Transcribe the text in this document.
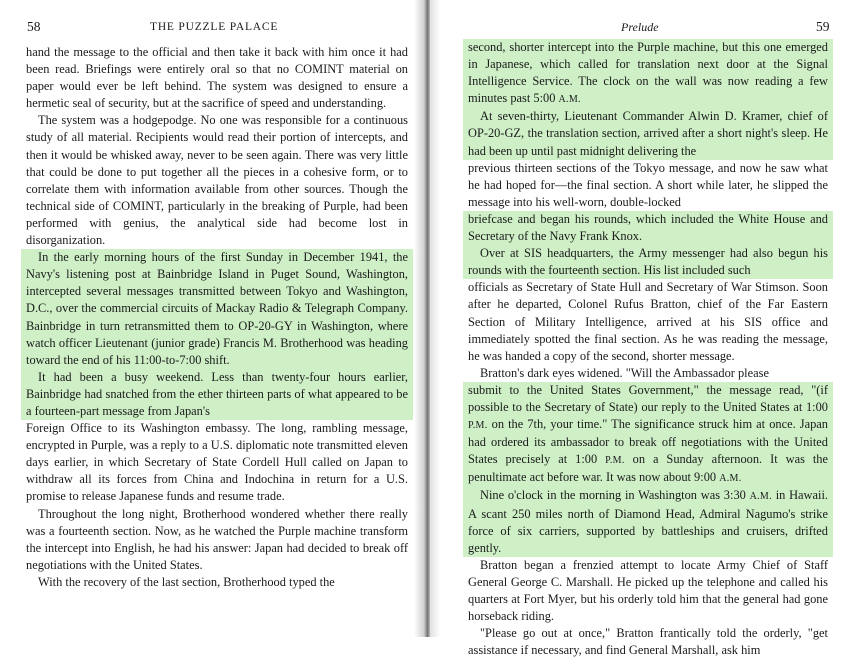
58	THE PUZZLE PALACE

hand the message to the official and then take it back with him once it had been read. Briefings were entirely oral so that no COMINT material on paper would ever be left behind. The system was designed to ensure a hermetic seal of security, but at the sacrifice of speed and understanding.

The system was a hodgepodge. No one was responsible for a continuous study of all material. Recipients would read their portion of intercepts, and then it would be whisked away, never to be seen again. There was very little that could be done to put together all the pieces in a cohesive form, or to correlate them with information available from other sources. Though the technical side of COMINT, particularly in the breaking of Purple, had been performed with genius, the analytical side had become lost in disorganization.

In the early morning hours of the first Sunday in December 1941, the Navy's listening post at Bainbridge Island in Puget Sound, Washington, intercepted several messages transmitted between Tokyo and Washington, D.C., over the commercial circuits of Mackay Radio & Telegraph Company. Bainbridge in turn retransmitted them to OP-20-GY in Washington, where watch officer Lieutenant (junior grade) Francis M. Brotherhood was heading toward the end of his 11:00-to-7:00 shift.

It had been a busy weekend. Less than twenty-four hours earlier, Bainbridge had snatched from the ether thirteen parts of what appeared to be a fourteen-part message from Japan's

Foreign Office to its Washington embassy. The long, rambling message, encrypted in Purple, was a reply to a U.S. diplomatic note transmitted eleven days earlier, in which Secretary of State Cordell Hull called on Japan to withdraw all its forces from China and Indochina in return for a U.S. promise to release Japanese funds and resume trade.

Throughout the long night, Brotherhood wondered whether there really was a fourteenth section. Now, as he watched the Purple machine transform the intercept into English, he had his answer: Japan had decided to break off negotiations with the United States.

With the recovery of the last section, Brotherhood typed the

Prelude	59

second, shorter intercept into the Purple machine, but this one emerged in Japanese, which called for translation next door at the Signal Intelligence Service. The clock on the wall was now reading a few minutes past 5:00 A.M.

At seven-thirty, Lieutenant Commander Alwin D. Kramer, chief of OP-20-GZ, the translation section, arrived after a short night's sleep. He had been up until past midnight delivering the

previous thirteen sections of the Tokyo message, and now he saw what he had hoped for—the final section. A short while later, he slipped the message into his well-worn, double-locked

briefcase and began his rounds, which included the White House and Secretary of the Navy Frank Knox.

Over at SIS headquarters, the Army messenger had also begun his rounds with the fourteenth section. His list included such

officials as Secretary of State Hull and Secretary of War Stimson. Soon after he departed, Colonel Rufus Bratton, chief of the Far Eastern Section of Military Intelligence, arrived at his SIS office and immediately spotted the final section. As he was reading the message, he was handed a copy of the second, shorter message.

Bratton's dark eyes widened. "Will the Ambassador please

submit to the United States Government," the message read, "(if possible to the Secretary of State) our reply to the United States at 1:00 P.M. on the 7th, your time." The significance struck him at once. Japan had ordered its ambassador to break off negotiations with the United States precisely at 1:00 P.M. on a Sunday afternoon. It was the penultimate act before war. It was now about 9:00 A.M.

Nine o'clock in the morning in Washington was 3:30 A.M. in Hawaii. A scant 250 miles north of Diamond Head, Admiral Nagumo's strike force of six carriers, supported by battleships and cruisers, drifted gently.

Bratton began a frenzied attempt to locate Army Chief of Staff General George C. Marshall. He picked up the telephone and called his quarters at Fort Myer, but his orderly told him that the general had gone horseback riding.

"Please go out at once," Bratton frantically told the orderly, "get assistance if necessary, and find General Marshall, ask him
